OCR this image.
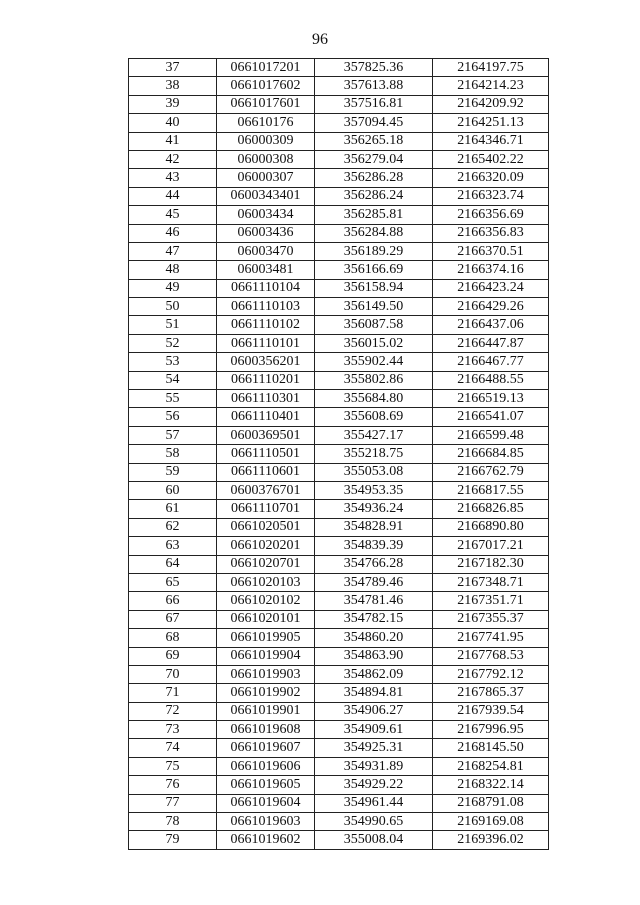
96
37	0661017201	357825.36	2164197.75
38	0661017602	357613.88	2164214.23
39	0661017601	357516.81	2164209.92
40	06610176	357094.45	2164251.13
41	06000309	356265.18	2164346.71
42	06000308	356279.04	2165402.22
43	06000307	356286.28	2166320.09
44	0600343401	356286.24	2166323.74
45	06003434	356285.81	2166356.69
46	06003436	356284.88	2166356.83
47	06003470	356189.29	2166370.51
48	06003481	356166.69	2166374.16
49	0661110104	356158.94	2166423.24
50	0661110103	356149.50	2166429.26
51	0661110102	356087.58	2166437.06
52	0661110101	356015.02	2166447.87
53	0600356201	355902.44	2166467.77
54	0661110201	355802.86	2166488.55
55	0661110301	355684.80	2166519.13
56	0661110401	355608.69	2166541.07
57	0600369501	355427.17	2166599.48
58	0661110501	355218.75	2166684.85
59	0661110601	355053.08	2166762.79
60	0600376701	354953.35	2166817.55
61	0661110701	354936.24	2166826.85
62	0661020501	354828.91	2166890.80
63	0661020201	354839.39	2167017.21
64	0661020701	354766.28	2167182.30
65	0661020103	354789.46	2167348.71
66	0661020102	354781.46	2167351.71
67	0661020101	354782.15	2167355.37
68	0661019905	354860.20	2167741.95
69	0661019904	354863.90	2167768.53
70	0661019903	354862.09	2167792.12
71	0661019902	354894.81	2167865.37
72	0661019901	354906.27	2167939.54
73	0661019608	354909.61	2167996.95
74	0661019607	354925.31	2168145.50
75	0661019606	354931.89	2168254.81
76	0661019605	354929.22	2168322.14
77	0661019604	354961.44	2168791.08
78	0661019603	354990.65	2169169.08
79	0661019602	355008.04	2169396.02
